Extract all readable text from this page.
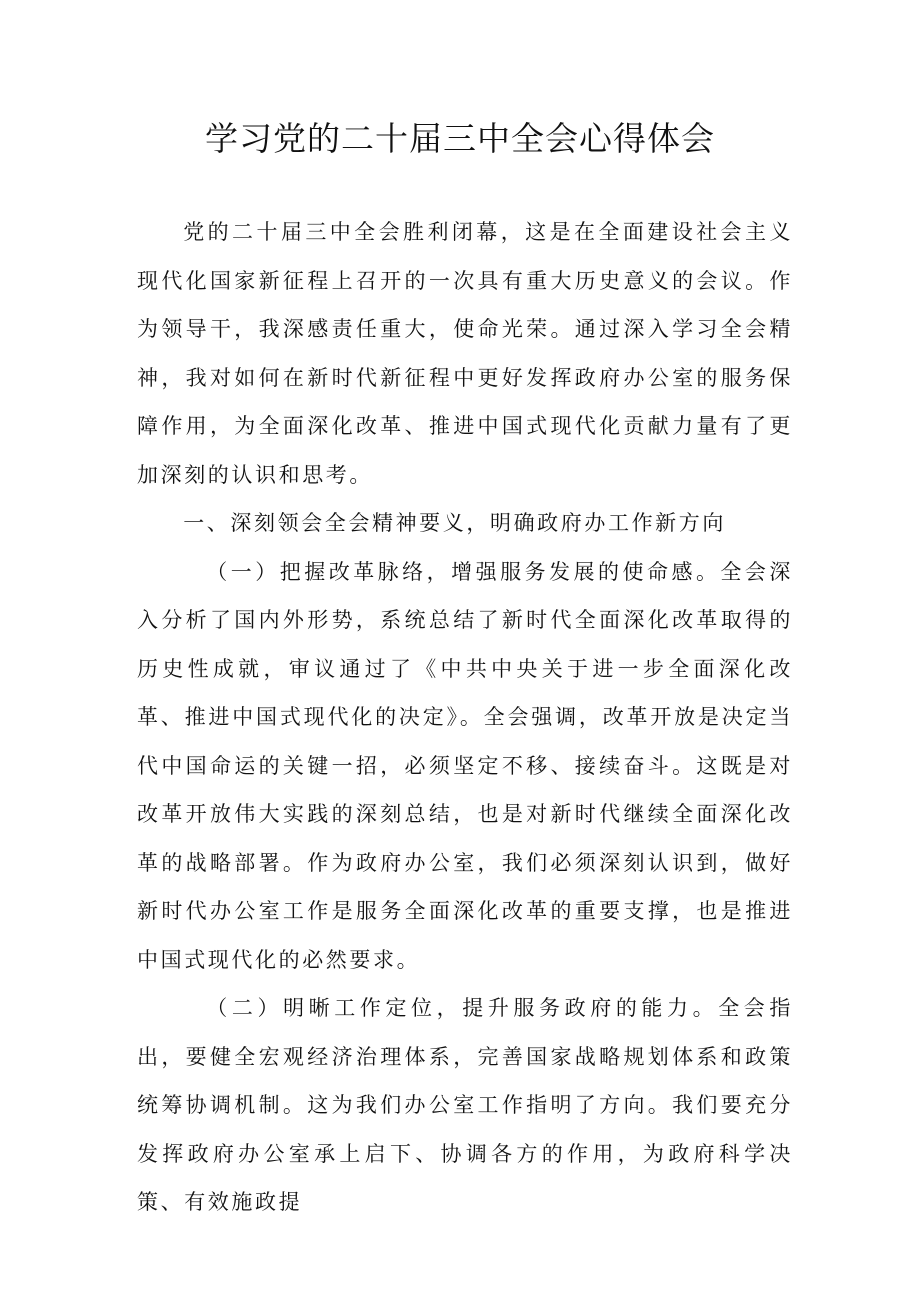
学习党的二十届三中全会心得体会

党的二十届三中全会胜利闭幕，这是在全面建设社会主义现代化国家新征程上召开的一次具有重大历史意义的会议。作为领导干，我深感责任重大，使命光荣。通过深入学习全会精神，我对如何在新时代新征程中更好发挥政府办公室的服务保障作用，为全面深化改革、推进中国式现代化贡献力量有了更加深刻的认识和思考。

一、深刻领会全会精神要义，明确政府办工作新方向

（一）把握改革脉络，增强服务发展的使命感。全会深入分析了国内外形势，系统总结了新时代全面深化改革取得的历史性成就，审议通过了《中共中央关于进一步全面深化改革、推进中国式现代化的决定》。全会强调，改革开放是决定当代中国命运的关键一招，必须坚定不移、接续奋斗。这既是对改革开放伟大实践的深刻总结，也是对新时代继续全面深化改革的战略部署。作为政府办公室，我们必须深刻认识到，做好新时代办公室工作是服务全面深化改革的重要支撑，也是推进中国式现代化的必然要求。

（二）明晰工作定位，提升服务政府的能力。全会指出，要健全宏观经济治理体系，完善国家战略规划体系和政策统筹协调机制。这为我们办公室工作指明了方向。我们要充分发挥政府办公室承上启下、协调各方的作用，为政府科学决策、有效施政提
